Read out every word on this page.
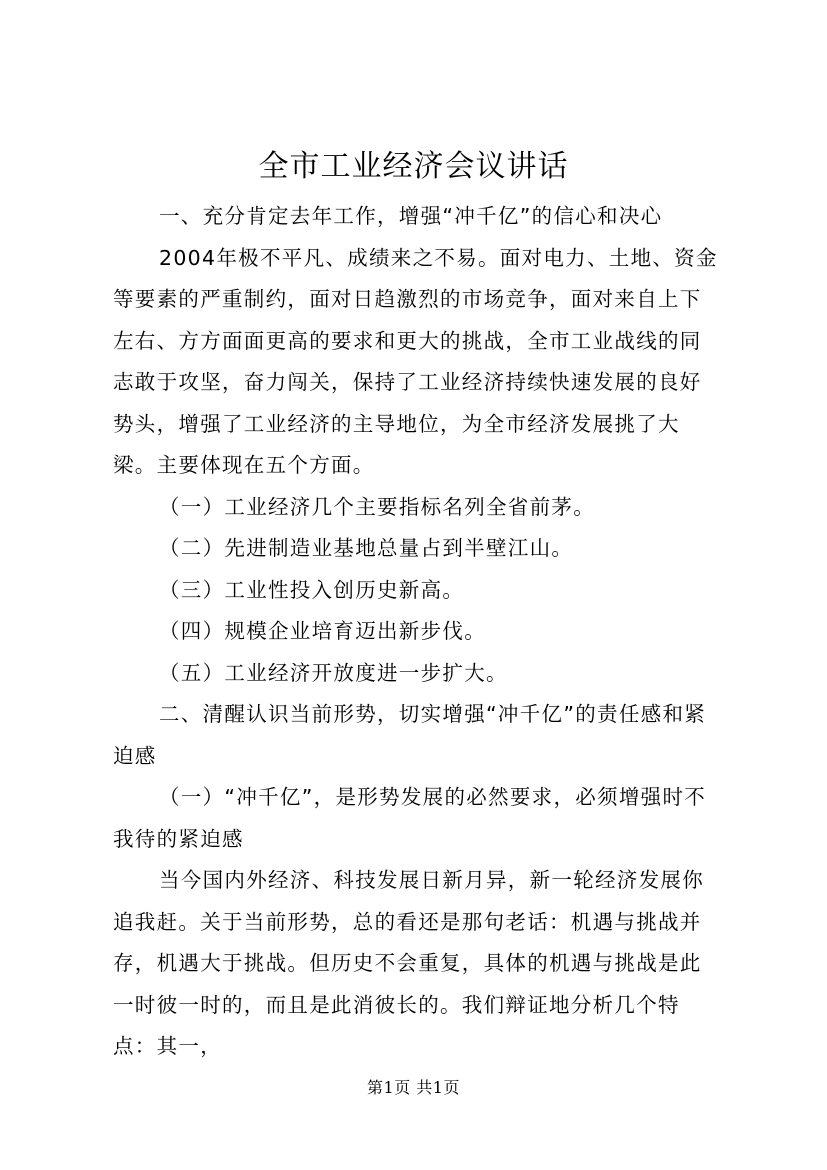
全市工业经济会议讲话

一、充分肯定去年工作，增强“冲千亿”的信心和决心

2004年极不平凡、成绩来之不易。面对电力、土地、资金等要素的严重制约，面对日趋激烈的市场竞争，面对来自上下左右、方方面面更高的要求和更大的挑战，全市工业战线的同志敢于攻坚，奋力闯关，保持了工业经济持续快速发展的良好势头，增强了工业经济的主导地位，为全市经济发展挑了大梁。主要体现在五个方面。

（一）工业经济几个主要指标名列全省前茅。

（二）先进制造业基地总量占到半壁江山。

（三）工业性投入创历史新高。

（四）规模企业培育迈出新步伐。

（五）工业经济开放度进一步扩大。

二、清醒认识当前形势，切实增强“冲千亿”的责任感和紧迫感

（一）“冲千亿”，是形势发展的必然要求，必须增强时不我待的紧迫感

当今国内外经济、科技发展日新月异，新一轮经济发展你追我赶。关于当前形势，总的看还是那句老话：机遇与挑战并存，机遇大于挑战。但历史不会重复，具体的机遇与挑战是此一时彼一时的，而且是此消彼长的。我们辩证地分析几个特点：其一，

第1页 共1页
